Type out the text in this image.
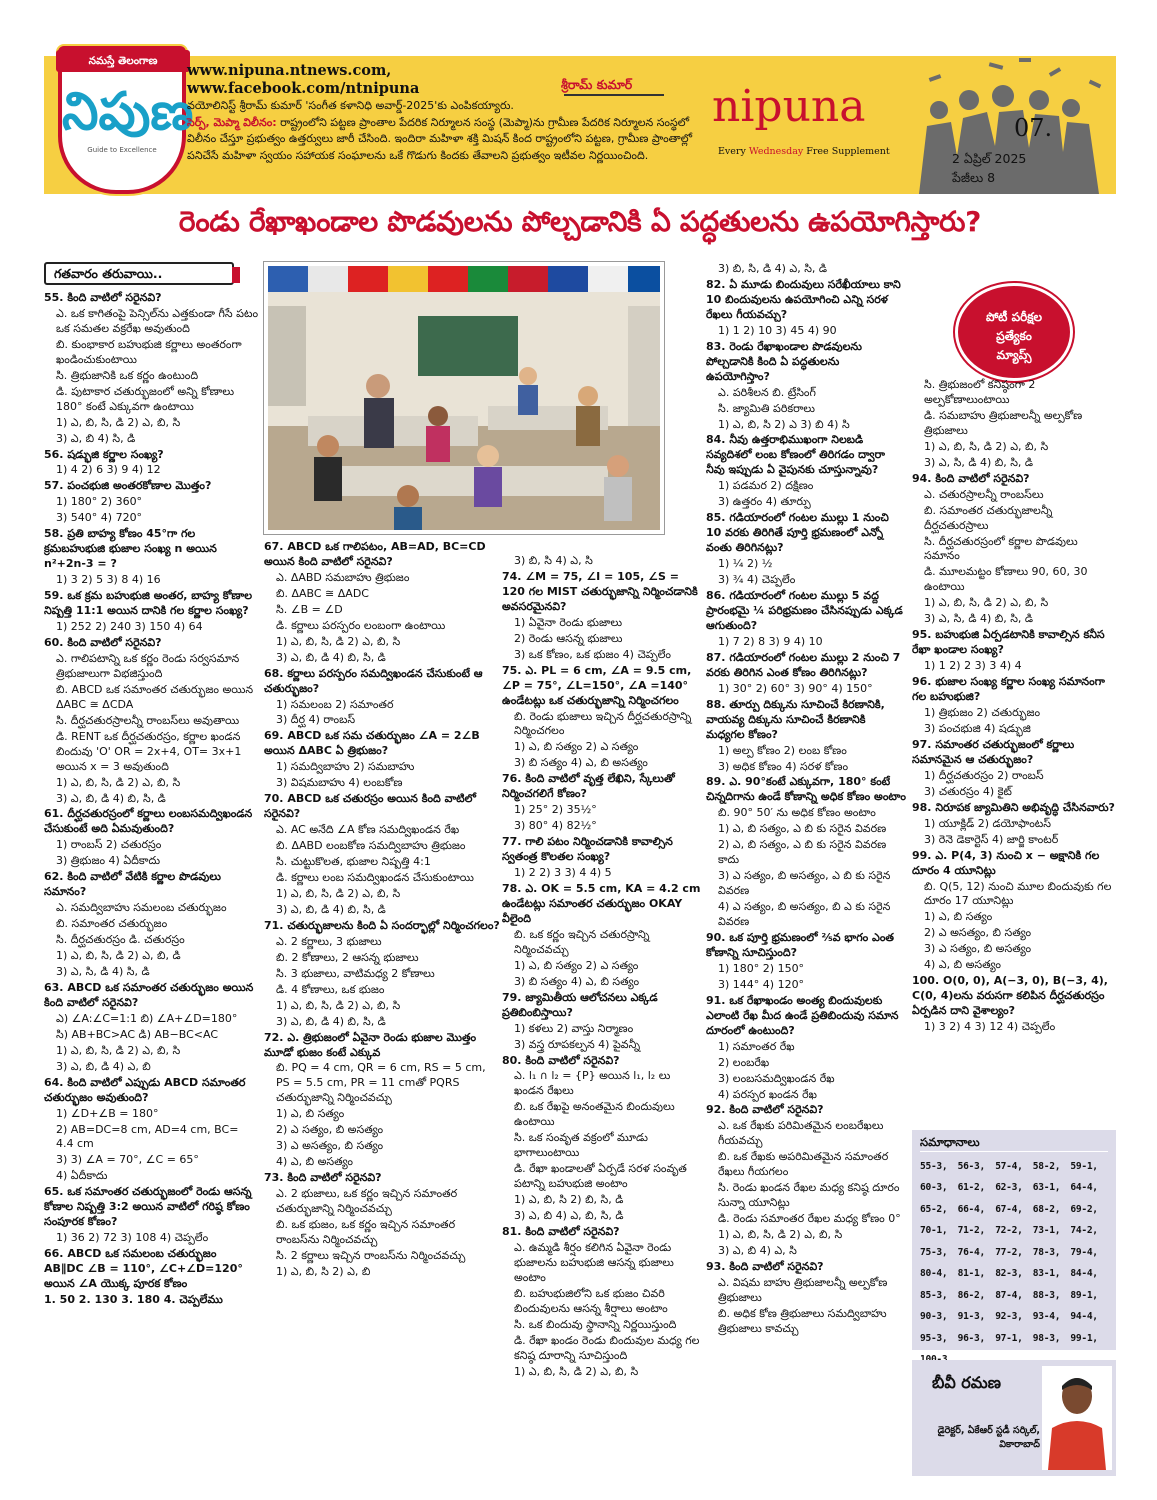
నమస్తే తెలంగాణ
నిపుణ
Guide to Excellence
www.nipuna.ntnews.com,
www.facebook.com/ntnipuna	శ్రీరామ్ కుమార్
వయోలినిస్ట్ శ్రీరామ్ కుమార్ 'సంగీత కళానిధి అవార్డ్-2025'కు ఎంపికయ్యారు.
సెర్ప్, మెప్మా విలీనం: రాష్ట్రంలోని పట్టణ ప్రాంతాల పేదరిక నిర్మూలన సంస్థ (మెప్మా)ను గ్రామీణ పేదరిక నిర్మూలన సంస్థలో విలీనం చేస్తూ ప్రభుత్వం ఉత్తర్వులు జారీ చేసింది. ఇందిరా మహిళా శక్తి మిషన్ కింద రాష్ట్రంలోని పట్టణ, గ్రామీణ ప్రాంతాల్లో పనిచేసే మహిళా స్వయం సహాయక సంఘాలను ఒకే గొడుగు కిందకు తేవాలని ప్రభుత్వం ఇటీవల నిర్ణయించింది.
nipuna
Every Wednesday Free Supplement
07.
2 ఏప్రిల్ 2025
పేజీలు 8
రెండు రేఖాఖండాల పొడవులను పోల్చడానికి ఏ పద్ధతులను ఉపయోగిస్తారు?
గతవారం తరువాయి..
55. కింది వాటిలో సరైనవి?
ఎ. ఒక కాగితంపై పెన్సిల్‌ను ఎత్తకుండా గీసే పటం ఒక సమతల వక్రరేఖ అవుతుంది
బి. కుంభాకార బహుభుజి కర్ణాలు అంతరంగా ఖండించుకుంటాయి
సి. త్రిభుజానికి ఒక కర్ణం ఉంటుంది
డి. పుటాకార చతుర్భుజంలో అన్ని కోణాలు 180° కంటే ఎక్కువగా ఉంటాయి
1) ఎ, బి, సి, డి 2) ఎ, బి, సి
3) ఎ, బి 4) సి, డి
56. షడ్భుజి కర్ణాల సంఖ్య?
1) 4 2) 6 3) 9 4) 12
57. పంచభుజి అంతరకోణాల మొత్తం?
1) 180° 2) 360°
3) 540° 4) 720°
58. ప్రతి బాహ్య కోణం 45°గా గల క్రమబహుభుజి భుజాల సంఖ్య n అయిన n²+2n-3 = ?
1) 3 2) 5 3) 8 4) 16
59. ఒక క్రమ బహుభుజి అంతర, బాహ్య కోణాల నిష్పత్తి 11:1 అయిన దానికి గల కర్ణాల సంఖ్య?
1) 252 2) 240 3) 150 4) 64
60. కింది వాటిలో సరైనవి?
ఎ. గాలిపటాన్ని ఒక కర్ణం రెండు సర్వసమాన త్రిభుజాలుగా విభజిస్తుంది
బి. ABCD ఒక సమాంతర చతుర్భుజం అయిన ΔABC ≅ ΔCDA
సి. దీర్ఘచతురస్రాలన్నీ రాంబస్‌లు అవుతాయి
డి. RENT ఒక దీర్ఘచతురస్రం, కర్ణాల ఖండన బిందువు 'O' OR = 2x+4, OT= 3x+1 అయిన x = 3 అవుతుంది
1) ఎ, బి, సి, డి 2) ఎ, బి, సి
3) ఎ, బి, డి 4) బి, సి, డి
61. దీర్ఘచతురస్రంలో కర్ణాలు లంబసమద్విఖండన చేసుకుంటే అది ఏమవుతుంది?
1) రాంబస్ 2) చతురస్రం
3) త్రిభుజం 4) ఏదీకాదు
62. కింది వాటిలో వేటికి కర్ణాల పొడవులు సమానం?
ఎ. సమద్విబాహు సమలంబ చతుర్భుజం
బి. సమాంతర చతుర్భుజం
సి. దీర్ఘచతురస్రం డి. చతురస్రం
1) ఎ, బి, సి, డి 2) ఎ, బి, డి
3) ఎ, సి, డి 4) సి, డి
63. ABCD ఒక సమాంతర చతుర్భుజం అయిన కింది వాటిలో సరైనవి?
ఎ) ∠A:∠C=1:1 బి) ∠A+∠D=180°
సి) AB+BC>AC డి) AB−BC<AC
1) ఎ, బి, సి, డి 2) ఎ, బి, సి
3) ఎ, బి, డి 4) ఎ, బి
64. కింది వాటిలో ఎప్పుడు ABCD సమాంతర చతుర్భుజం అవుతుంది?
1) ∠D+∠B = 180°
2) AB=DC=8 cm, AD=4 cm, BC= 4.4 cm
3) 3) ∠A = 70°, ∠C = 65°
4) ఏదీకాదు
65. ఒక సమాంతర చతుర్భుజంలో రెండు ఆసన్న కోణాల నిష్పత్తి 3:2 అయిన వాటిలో గరిష్ఠ కోణం సంపూరక కోణం?
1) 36 2) 72 3) 108 4) చెప్పలేం
66. ABCD ఒక సమలంబ చతుర్భుజం AB∥DC ∠B = 110°, ∠C+∠D=120° అయిన ∠A యొక్క పూరక కోణం
1. 50 2. 130 3. 180 4. చెప్పలేము
67. ABCD ఒక గాలిపటం, AB=AD, BC=CD అయిన కింది వాటిలో సరైనవి?
ఎ. ΔABD సమబాహు త్రిభుజం
బి. ΔABC ≅ ΔADC
సి. ∠B = ∠D
డి. కర్ణాలు పరస్పరం లంబంగా ఉంటాయి
1) ఎ, బి, సి, డి 2) ఎ, బి, సి
3) ఎ, బి, డి 4) బి, సి, డి
68. కర్ణాలు పరస్పరం సమద్విఖండన చేసుకుంటే ఆ చతుర్భుజం?
1) సమలంబ 2) సమాంతర
3) దీర్ఘ 4) రాంబస్
69. ABCD ఒక సమ చతుర్భుజం ∠A = 2∠B అయిన ΔABC ఏ త్రిభుజం?
1) సమద్విబాహు 2) సమబాహు
3) విషమబాహు 4) లంబకోణ
70. ABCD ఒక చతురస్రం అయిన కింది వాటిలో సరైనవి?
ఎ. AC అనేది ∠A కోణ సమద్విఖండన రేఖ
బి. ΔABD లంబకోణ సమద్విబాహు త్రిభుజం
సి. చుట్టుకొలత, భుజాల నిష్పత్తి 4:1
డి. కర్ణాలు లంబ సమద్విఖండన చేసుకుంటాయి
1) ఎ, బి, సి, డి 2) ఎ, బి, సి
3) ఎ, బి, డి 4) బి, సి, డి
71. చతుర్భుజాలను కింది ఏ సందర్భాల్లో నిర్మించగలం?
ఎ. 2 కర్ణాలు, 3 భుజాలు
బి. 2 కోణాలు, 2 ఆసన్న భుజాలు
సి. 3 భుజాలు, వాటిమధ్య 2 కోణాలు
డి. 4 కోణాలు, ఒక భుజం
1) ఎ, బి, సి, డి 2) ఎ, బి, సి
3) ఎ, బి, డి 4) బి, సి, డి
72. ఎ. త్రిభుజంలో ఏవైనా రెండు భుజాల మొత్తం మూడో భుజం కంటే ఎక్కువ
బి. PQ = 4 cm, QR = 6 cm, RS = 5 cm, PS = 5.5 cm, PR = 11 cmతో PQRS చతుర్భుజాన్ని నిర్మించవచ్చు
1) ఎ, బి సత్యం
2) ఎ సత్యం, బి అసత్యం
3) ఎ అసత్యం, బి సత్యం
4) ఎ, బి అసత్యం
73. కింది వాటిలో సరైనవి?
ఎ. 2 భుజాలు, ఒక కర్ణం ఇచ్చిన సమాంతర చతుర్భుజాన్ని నిర్మించవచ్చు
బి. ఒక భుజం, ఒక కర్ణం ఇచ్చిన సమాంతర రాంబస్‌ను నిర్మించవచ్చు
సి. 2 కర్ణాలు ఇచ్చిన రాంబస్‌ను నిర్మించవచ్చు
1) ఎ, బి, సి 2) ఎ, బి
3) బి, సి 4) ఎ, సి
74. ∠M = 75, ∠I = 105, ∠S = 120 గల MIST చతుర్భుజాన్ని నిర్మించడానికి అవసరమైనవి?
1) ఏవైనా రెండు భుజాలు
2) రెండు ఆసన్న భుజాలు
3) ఒక కోణం, ఒక భుజం 4) చెప్పలేం
75. ఎ. PL = 6 cm, ∠A = 9.5 cm, ∠P = 75°, ∠L=150°, ∠A =140° ఉండేటట్లు ఒక చతుర్భుజాన్ని నిర్మించగలం
బి. రెండు భుజాలు ఇచ్చిన దీర్ఘచతురస్రాన్ని నిర్మించగలం
1) ఎ, బి సత్యం 2) ఎ సత్యం
3) బి సత్యం 4) ఎ, బి అసత్యం
76. కింది వాటిలో వృత్త లేఖిని, స్కేలుతో నిర్మించగలిగే కోణం?
1) 25° 2) 35½°
3) 80° 4) 82½°
77. గాలి పటం నిర్మించడానికి కావాల్సిన స్వతంత్ర కొలతల సంఖ్య?
1) 2 2) 3 3) 4 4) 5
78. ఎ. OK = 5.5 cm, KA = 4.2 cm ఉండేటట్లు సమాంతర చతుర్భుజం OKAY వీలైంది
బి. ఒక కర్ణం ఇచ్చిన చతురస్రాన్ని నిర్మించవచ్చు
1) ఎ, బి సత్యం 2) ఎ సత్యం
3) బి సత్యం 4) ఎ, బి సత్యం
79. జ్యామితీయ ఆలోచనలు ఎక్కడ ప్రతిబింబిస్తాయి?
1) కళలు 2) వాస్తు నిర్మాణం
3) వస్త్ర రూపకల్పన 4) పైవన్నీ
80. కింది వాటిలో సరైనవి?
ఎ. l₁ ∩ l₂ = {P} అయిన l₁, l₂ లు ఖండన రేఖలు
బి. ఒక రేఖపై అనంతమైన బిందువులు ఉంటాయి
సి. ఒక సంవృత వక్రంలో మూడు భాగాలుంటాయి
డి. రేఖా ఖండాలతో ఏర్పడే సరళ సంవృత పటాన్ని బహుభుజి అంటాం
1) ఎ, బి, సి 2) బి, సి, డి
3) ఎ, బి 4) ఎ, బి, సి, డి
81. కింది వాటిలో సరైనవి?
ఎ. ఉమ్మడి శీర్షం కలిగిన ఏవైనా రెండు భుజాలను బహుభుజి ఆసన్న భుజాలు అంటాం
బి. బహుభుజిలోని ఒక భుజం చివరి బిందువులను ఆసన్న శీర్షాలు అంటాం
సి. ఒక బిందువు స్థానాన్ని నిర్ణయిస్తుంది
డి. రేఖా ఖండం రెండు బిందువుల మధ్య గల కనిష్ఠ దూరాన్ని సూచిస్తుంది
1) ఎ, బి, సి, డి 2) ఎ, బి, సి
3) బి, సి, డి 4) ఎ, సి, డి
82. ఏ మూడు బిందువులు సరేఖీయాలు కాని 10 బిందువులను ఉపయోగించి ఎన్ని సరళ రేఖలు గీయవచ్చు?
1) 1 2) 10 3) 45 4) 90
83. రెండు రేఖాఖండాల పొడవులను పోల్చడానికి కింది ఏ పద్ధతులను ఉపయోగిస్తాం?
ఎ. పరిశీలన బి. ట్రేసింగ్
సి. జ్యామితి పరికరాలు
1) ఎ, బి, సి 2) ఎ 3) బి 4) సి
84. నీవు ఉత్తరాభిముఖంగా నిలబడి సవ్యదిశలో లంబ కోణంలో తిరిగడం ద్వారా నీవు ఇప్పుడు ఏ వైపునకు చూస్తున్నావు?
1) పడమర 2) దక్షిణం
3) ఉత్తరం 4) తూర్పు
85. గడియారంలో గంటల ముల్లు 1 నుంచి 10 వరకు తిరిగితే పూర్తి భ్రమణంలో ఎన్నో వంతు తిరిగినట్లు?
1) ¼ 2) ½
3) ¾ 4) చెప్పలేం
86. గడియారంలో గంటల ముల్లు 5 వద్ద ప్రారంభమై ¼ పరిభ్రమణం చేసినప్పుడు ఎక్కడ ఆగుతుంది?
1) 7 2) 8 3) 9 4) 10
87. గడియారంలో గంటల ముల్లు 2 నుంచి 7 వరకు తిరిగిన ఎంత కోణం తిరిగినట్లు?
1) 30° 2) 60° 3) 90° 4) 150°
88. తూర్పు దిక్కును సూచించే కిరణానికి, వాయవ్య దిక్కును సూచించే కిరణానికి మధ్యగల కోణం?
1) అల్ప కోణం 2) లంబ కోణం
3) అధిక కోణం 4) సరళ కోణం
89. ఎ. 90°కంటే ఎక్కువగా, 180° కంటే చిన్నదిగాను ఉండే కోణాన్ని అధిక కోణం అంటాం
బి. 90° 50′ ను అధిక కోణం అంటాం
1) ఎ, బి సత్యం, ఎ బి కు సరైన వివరణ
2) ఎ, బి సత్యం, ఎ బి కు సరైన వివరణ కాదు
3) ఎ సత్యం, బి అసత్యం, ఎ బి కు సరైన వివరణ
4) ఎ సత్యం, బి అసత్యం, బి ఎ కు సరైన వివరణ
90. ఒక పూర్తి భ్రమణంలో ⅖వ భాగం ఎంత కోణాన్ని సూచిస్తుంది?
1) 180° 2) 150°
3) 144° 4) 120°
91. ఒక రేఖాఖండం అంత్య బిందువులకు ఎలాంటి రేఖ మీద ఉండే ప్రతిబిందువు సమాన దూరంలో ఉంటుంది?
1) సమాంతర రేఖ
2) లంబరేఖ
3) లంబసమద్విఖండన రేఖ
4) పరస్పర ఖండన రేఖ
92. కింది వాటిలో సరైనవి?
ఎ. ఒక రేఖకు పరిమితమైన లంబరేఖలు గీయవచ్చు
బి. ఒక రేఖకు అపరిమితమైన సమాంతర రేఖలు గీయగలం
సి. రెండు ఖండన రేఖల మధ్య కనిష్ఠ దూరం సున్నా యూనిట్లు
డి. రెండు సమాంతర రేఖల మధ్య కోణం 0°
1) ఎ, బి, సి, డి 2) ఎ, బి, సి
3) ఎ, బి 4) ఎ, సి
93. కింది వాటిలో సరైనవి?
ఎ. విషమ బాహు త్రిభుజాలన్నీ అల్పకోణ త్రిభుజాలు
బి. అధిక కోణ త్రిభుజాలు సమద్విబాహు త్రిభుజాలు కావచ్చు
పోటీ పరీక్షల
ప్రత్యేకం
మ్యాప్స్
సి. త్రిభుజంలో కనిష్ఠంగా 2 అల్పకోణాలుంటాయి
డి. సమబాహు త్రిభుజాలన్నీ అల్పకోణ త్రిభుజాలు
1) ఎ, బి, సి, డి 2) ఎ, బి, సి
3) ఎ, సి, డి 4) బి, సి, డి
94. కింది వాటిలో సరైనవి?
ఎ. చతురస్రాలన్నీ రాంబస్‌లు
బి. సమాంతర చతుర్భుజాలన్నీ దీర్ఘచతురస్రాలు
సి. దీర్ఘచతురస్రంలో కర్ణాల పొడవులు సమానం
డి. మూలమట్టం కోణాలు 90, 60, 30 ఉంటాయి
1) ఎ, బి, సి, డి 2) ఎ, బి, సి
3) ఎ, సి, డి 4) బి, సి, డి
95. బహుభుజి ఏర్పడటానికి కావాల్సిన కనీస రేఖా ఖండాల సంఖ్య?
1) 1 2) 2 3) 3 4) 4
96. భుజాల సంఖ్య కర్ణాల సంఖ్య సమానంగా గల బహుభుజి?
1) త్రిభుజం 2) చతుర్భుజం
3) పంచభుజి 4) షడ్భుజి
97. సమాంతర చతుర్భుజంలో కర్ణాలు సమానమైన ఆ చతుర్భుజం?
1) దీర్ఘచతురస్రం 2) రాంబస్
3) చతురస్రం 4) కైట్
98. నిరూపక జ్యామితిని అభివృద్ధి చేసినవారు?
1) యూక్లిడ్ 2) డయోఫాంటస్
3) రెనె డెకార్టెస్ 4) జార్జి కాంటర్
99. ఎ. P(4, 3) నుంచి x − అక్షానికి గల దూరం 4 యూనిట్లు
బి. Q(5, 12) నుంచి మూల బిందువుకు గల దూరం 17 యూనిట్లు
1) ఎ, బి సత్యం
2) ఎ అసత్యం, బి సత్యం
3) ఎ సత్యం, బి అసత్యం
4) ఎ, బి అసత్యం
100. O(0, 0), A(−3, 0), B(−3, 4), C(0, 4)లను వరుసగా కలిపిన దీర్ఘచతురస్రం ఏర్పడిన దాని వైశాల్యం?
1) 3 2) 4 3) 12 4) చెప్పలేం
సమాధానాలు
55-3,	56-3,	57-4,	58-2,	59-1,
60-3,	61-2,	62-3,	63-1,	64-4,
65-2,	66-4,	67-4,	68-2,	69-2,
70-1,	71-2,	72-2,	73-1,	74-2,
75-3,	76-4,	77-2,	78-3,	79-4,
80-4,	81-1,	82-3,	83-1,	84-4,
85-3,	86-2,	87-4,	88-3,	89-1,
90-3,	91-3,	92-3,	93-4,	94-4,
95-3,	96-3,	97-1,	98-3,	99-1,
బీవీ రమణ
డైరెక్టర్, ఏకేఆర్ స్టడీ సర్కిల్,
వికారాబాద్
